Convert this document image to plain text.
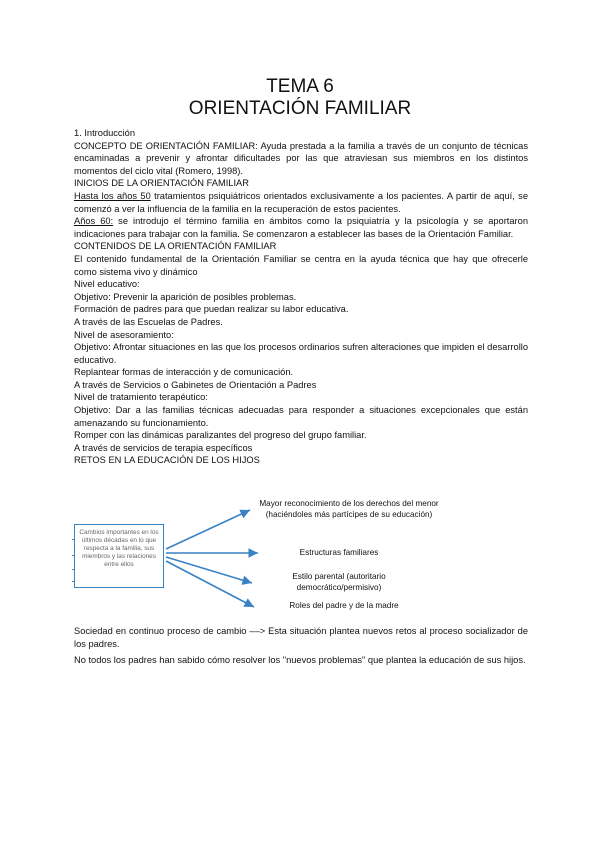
TEMA 6
ORIENTACIÓN FAMILIAR

1. Introducción

CONCEPTO DE ORIENTACIÓN FAMILIAR: Ayuda prestada a la familia a través de un conjunto de técnicas encaminadas a prevenir y afrontar dificultades por las que atraviesan sus miembros en los distintos momentos del ciclo vital (Romero, 1998).

INICIOS DE LA ORIENTACIÓN FAMILIAR

Hasta los años 50 tratamientos psiquiátricos orientados exclusivamente a los pacientes. A partir de aquí, se comenzó a ver la influencia de la familia en la recuperación de estos pacientes.

Años 60: se introdujo el término familia en ámbitos como la psiquiatría y la psicología y se aportaron indicaciones para trabajar con la familia. Se comenzaron a establecer las bases de la Orientación Familiar.

CONTENIDOS DE LA ORIENTACIÓN FAMILIAR

El contenido fundamental de la Orientación Familiar se centra en la ayuda técnica que hay que ofrecerle como sistema vivo y dinámico

Nivel educativo:

Objetivo: Prevenir la aparición de posibles problemas.

Formación de padres para que puedan realizar su labor educativa.

A través de las Escuelas de Padres.

Nivel de asesoramiento:

Objetivo: Afrontar situaciones en las que los procesos ordinarios sufren alteraciones que impiden el desarrollo educativo.

Replantear formas de interacción y de comunicación.

A través de Servicios o Gabinetes de Orientación a Padres

Nivel de tratamiento terapéutico:

Objetivo: Dar a las familias técnicas adecuadas para responder a situaciones excepcionales que están amenazando su funcionamiento.

Romper con las dinámicas paralizantes del progreso del grupo familiar.

A través de servicios de terapia específicos

RETOS EN LA EDUCACIÓN DE LOS HIJOS

Cambios importantes en los últimos décadas en lo que respecta a la familia, sus miembros y las relaciones entre ellos
Mayor reconocimiento de los derechos del menor (haciéndoles más partícipes de su educación)
Estructuras familiares
Estilo parental (autoritario democrático/permisivo)
Roles del padre y de la madre

Sociedad en continuo proceso de cambio ––> Esta situación plantea nuevos retos al proceso socializador de los padres.

No todos los padres han sabido cómo resolver los "nuevos problemas" que plantea la educación de sus hijos.
